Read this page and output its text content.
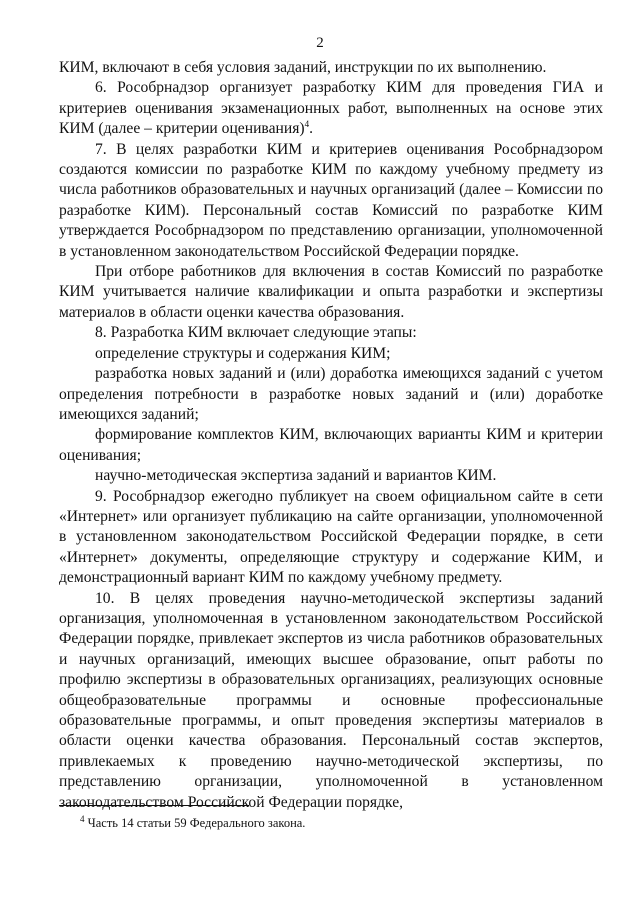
2

КИМ, включают в себя условия заданий, инструкции по их выполнению.

6. Рособрнадзор организует разработку КИМ для проведения ГИА и критериев оценивания экзаменационных работ, выполненных на основе этих КИМ (далее – критерии оценивания)$^4$.

7. В целях разработки КИМ и критериев оценивания Рособрнадзором создаются комиссии по разработке КИМ по каждому учебному предмету из числа работников образовательных и научных организаций (далее – Комиссии по разработке КИМ). Персональный состав Комиссий по разработке КИМ утверждается Рособрнадзором по представлению организации, уполномоченной в установленном законодательством Российской Федерации порядке.

При отборе работников для включения в состав Комиссий по разработке КИМ учитывается наличие квалификации и опыта разработки и экспертизы материалов в области оценки качества образования.

8. Разработка КИМ включает следующие этапы:

определение структуры и содержания КИМ;

разработка новых заданий и (или) доработка имеющихся заданий с учетом определения потребности в разработке новых заданий и (или) доработке имеющихся заданий;

формирование комплектов КИМ, включающих варианты КИМ и критерии оценивания;

научно-методическая экспертиза заданий и вариантов КИМ.

9. Рособрнадзор ежегодно публикует на своем официальном сайте в сети «Интернет» или организует публикацию на сайте организации, уполномоченной в установленном законодательством Российской Федерации порядке, в сети «Интернет» документы, определяющие структуру и содержание КИМ, и демонстрационный вариант КИМ по каждому учебному предмету.

10. В целях проведения научно-методической экспертизы заданий организация, уполномоченная в установленном законодательством Российской Федерации порядке, привлекает экспертов из числа работников образовательных и научных организаций, имеющих высшее образование, опыт работы по профилю экспертизы в образовательных организациях, реализующих основные общеобразовательные программы и основные профессиональные образовательные программы, и опыт проведения экспертизы материалов в области оценки качества образования. Персональный состав экспертов, привлекаемых к проведению научно-методической экспертизы, по представлению организации, уполномоченной в установленном законодательством Российской Федерации порядке,

$^4$ Часть 14 статьи 59 Федерального закона.
